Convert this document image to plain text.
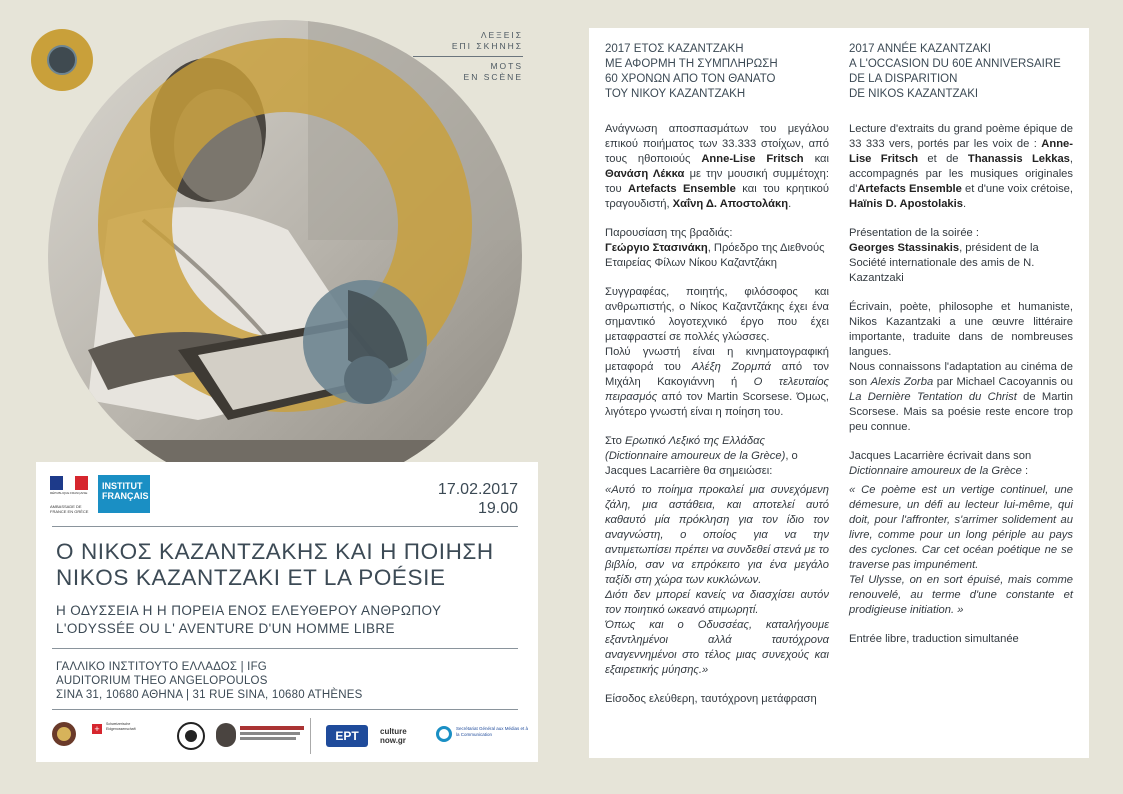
ΛΕΞΕΙΣ
ΕΠΙ ΣΚΗΝΗΣ
MOTS
EN SCÈNE
RÉPUBLIQUE FRANÇAISE
AMBASSADE DE FRANCE EN GRÈCE
INSTITUT FRANÇAIS	17.02.2017
19.00
Ο ΝΙΚΟΣ ΚΑΖΑΝΤΖΑΚΗΣ ΚΑΙ Η ΠΟΙΗΣΗ
NIKOS KAZANTZAKI ET LA POÉSIE
Η ΟΔΥΣΣΕΙΑ Η Η ΠΟΡΕΙΑ ΕΝΟΣ ΕΛΕΥΘΕΡΟΥ ΑΝΘΡΩΠΟΥ
L'ODYSSÉE OU L' AVENTURE D'UN HOMME LIBRE
ΓΑΛΛΙΚΟ ΙΝΣΤΙΤΟΥΤΟ ΕΛΛΑΔΟΣ | IFG
AUDITORIUM THEO ANGELOPOULOS
ΣΙΝΑ 31, 10680 ΑΘΗΝΑ | 31 RUE SINA, 10680 ATHÈNES
+	Schweizerische Eidgenossenschaft
ΕΡΤ	culture now.gr
Secrétariat Général aux Médias et à la Communication
2017 ΕΤΟΣ ΚΑΖΑΝΤΖΑΚΗ
ΜΕ ΑΦΟΡΜΗ ΤΗ ΣΥΜΠΛΗΡΩΣΗ
60 ΧΡΟΝΩΝ ΑΠΟ ΤΟΝ ΘΑΝΑΤΟ
ΤΟΥ ΝΙΚΟΥ ΚΑΖΑΝΤΖΑΚΗ

Ανάγνωση αποσπασμάτων του μεγάλου επικού ποιήματος των 33.333 στοίχων, από τους ηθοποιούς Anne-Lise Fritsch και Θανάση Λέκκα με την μουσική συμμέτοχη: του Artefacts Ensemble και του κρητικού τραγουδιστή, Χαΐνη Δ. Αποστολάκη.

Παρουσίαση της βραδιάς:
Γεώργιο Στασινάκη, Πρόεδρο της Διεθνούς Εταιρείας Φίλων Νίκου Καζαντζάκη

Συγγραφέας, ποιητής, φιλόσοφος και ανθρωπιστής, ο Νίκος Καζαντζάκης έχει ένα σημαντικό λογοτεχνικό έργο που έχει μεταφραστεί σε πολλές γλώσσες.

Πολύ γνωστή είναι η κινηματογραφική μεταφορά του Αλέξη Ζορμπά από τον Μιχάλη Κακογιάννη ή Ο τελευταίος πειρασμός από τον Martin Scorsese. Όμως, λιγότερο γνωστή είναι η ποίηση του.

Στο Ερωτικό Λεξικό της Ελλάδας
(Dictionnaire amoureux de la Grèce), ο Jacques Lacarrière θα σημειώσει:

«Αυτό το ποίημα προκαλεί μια συνεχόμενη ζάλη, μια αστάθεια, και αποτελεί αυτό καθαυτό μία πρόκληση για τον ίδιο τον αναγνώστη, ο οποίος για να την αντιμετωπίσει πρέπει να συνδεθεί στενά με το βιβλίο, σαν να επρόκειτο για ένα μεγάλο ταξίδι στη χώρα των κυκλώνων.

Διότι δεν μπορεί κανείς να διασχίσει αυτόν τον ποιητικό ωκεανό ατιμωρητί.

Όπως και ο Οδυσσέας, καταλήγουμε εξαντλημένοι αλλά ταυτόχρονα αναγεννημένοι στο τέλος μιας συνεχούς και εξαιρετικής μύησης.»

Είσοδος ελεύθερη, ταυτόχρονη μετάφραση

2017 ANNÉE KAZANTZAKI
A L'OCCASION DU 60E ANNIVERSAIRE
DE LA DISPARITION
DE NIKOS KAZANTZAKI

Lecture d'extraits du grand poème épique de 33 333 vers, portés par les voix de : Anne-Lise Fritsch et de Thanassis Lekkas, accompagnés par les musiques originales d'Artefacts Ensemble et d'une voix crétoise, Haïnis D. Apostolakis.

Présentation de la soirée :
Georges Stassinakis, président de la Société internationale des amis de N. Kazantzaki

Écrivain, poète, philosophe et humaniste, Nikos Kazantzaki a une œuvre littéraire importante, traduite dans de nombreuses langues.

Nous connaissons l'adaptation au cinéma de son Alexis Zorba par Michael Cacoyannis ou La Dernière Tentation du Christ de Martin Scorsese. Mais sa poésie reste encore trop peu connue.

Jacques Lacarrière écrivait dans son Dictionnaire amoureux de la Grèce :

« Ce poème est un vertige continuel, une démesure, un défi au lecteur lui-même, qui doit, pour l'affronter, s'arrimer solidement au livre, comme pour un long périple au pays des cyclones. Car cet océan poétique ne se traverse pas impunément.

Tel Ulysse, on en sort épuisé, mais comme renouvelé, au terme d'une constante et prodigieuse initiation. »

Entrée libre, traduction simultanée
